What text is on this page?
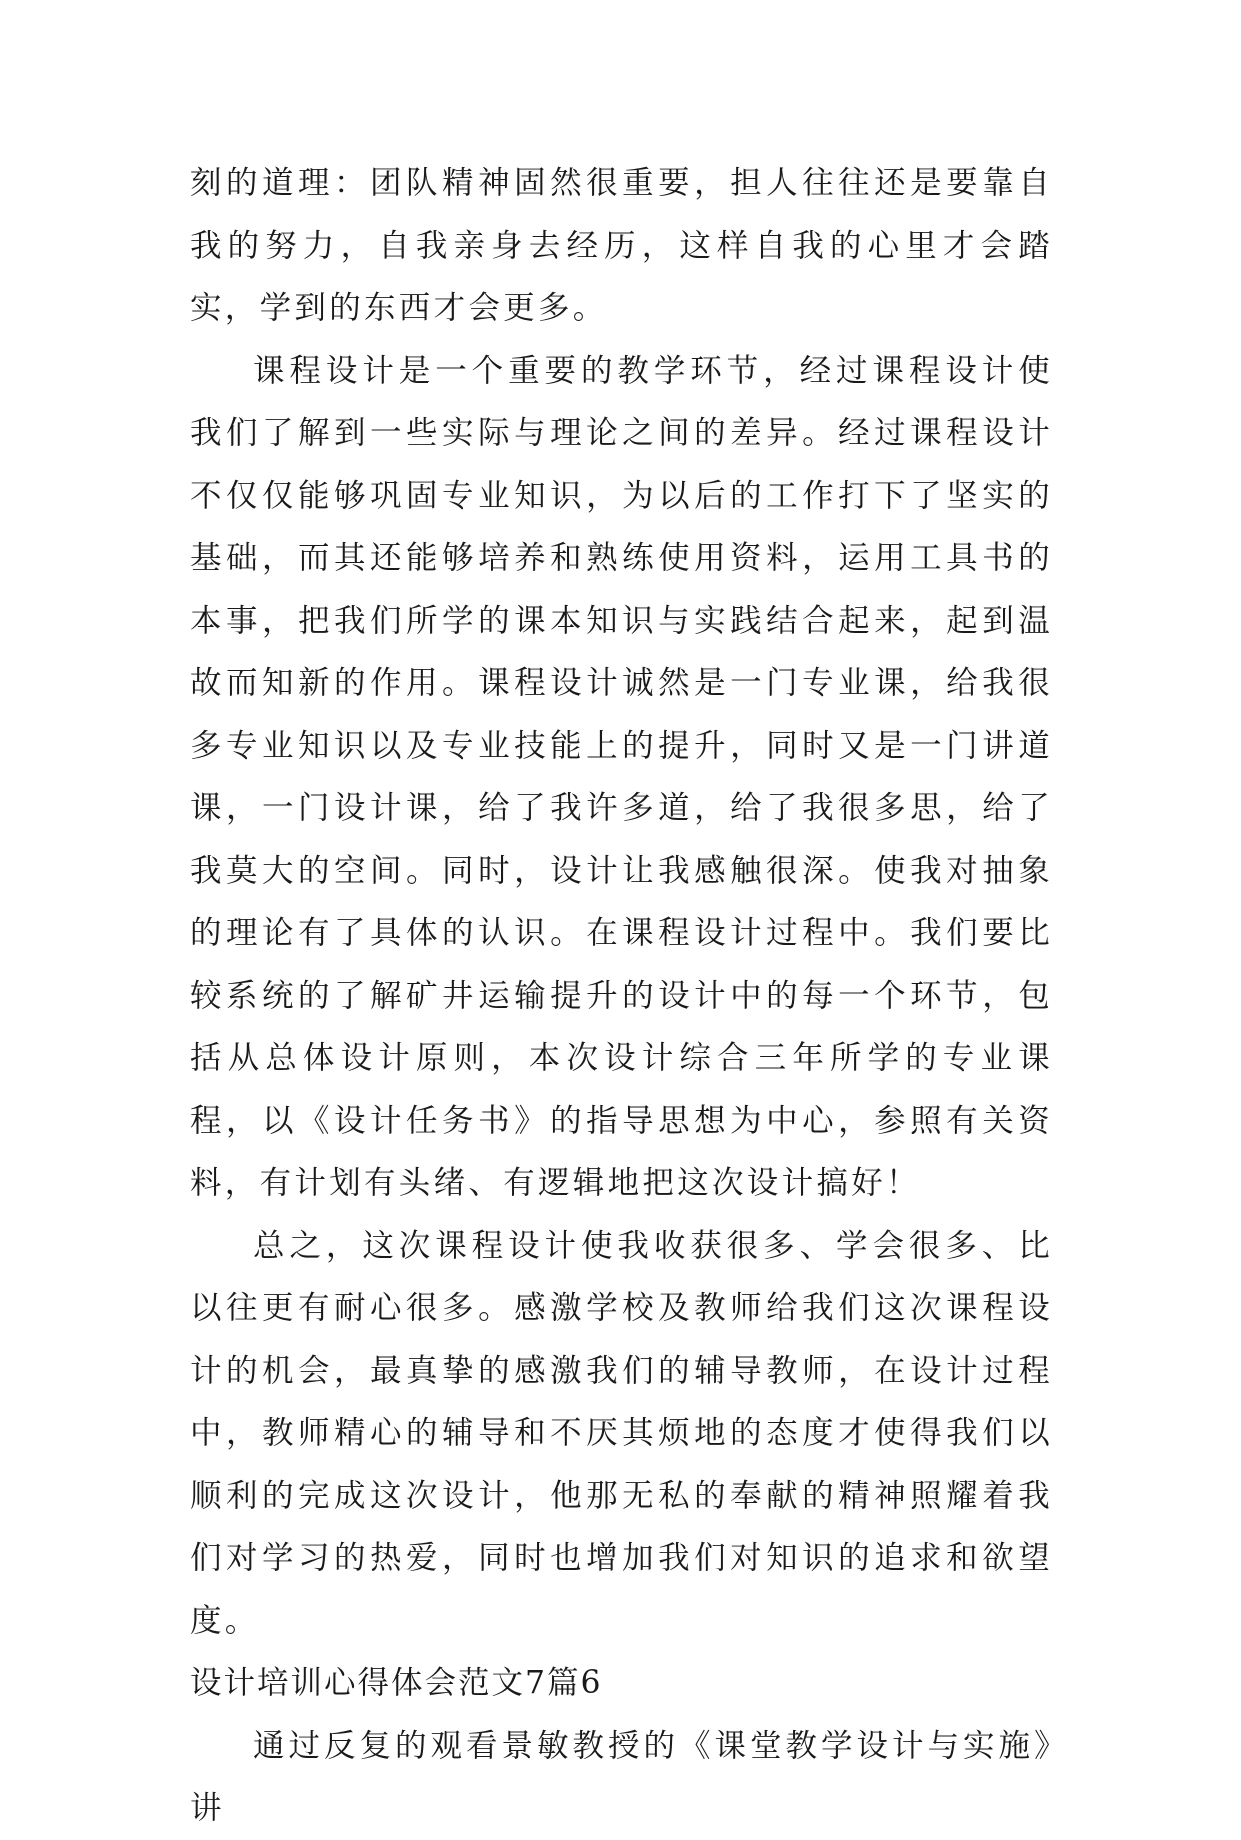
刻的道理：团队精神固然很重要，担人往往还是要靠自我的努力，自我亲身去经历，这样自我的心里才会踏实，学到的东西才会更多。

课程设计是一个重要的教学环节，经过课程设计使我们了解到一些实际与理论之间的差异。经过课程设计不仅仅能够巩固专业知识，为以后的工作打下了坚实的基础，而其还能够培养和熟练使用资料，运用工具书的本事，把我们所学的课本知识与实践结合起来，起到温故而知新的作用。课程设计诚然是一门专业课，给我很多专业知识以及专业技能上的提升，同时又是一门讲道课，一门设计课，给了我许多道，给了我很多思，给了我莫大的空间。同时，设计让我感触很深。使我对抽象的理论有了具体的认识。在课程设计过程中。我们要比较系统的了解矿井运输提升的设计中的每一个环节，包括从总体设计原则，本次设计综合三年所学的专业课程，以《设计任务书》的指导思想为中心，参照有关资料，有计划有头绪、有逻辑地把这次设计搞好！

总之，这次课程设计使我收获很多、学会很多、比以往更有耐心很多。感激学校及教师给我们这次课程设计的机会，最真挚的感激我们的辅导教师，在设计过程中，教师精心的辅导和不厌其烦地的态度才使得我们以顺利的完成这次设计，他那无私的奉献的精神照耀着我们对学习的热爱，同时也增加我们对知识的追求和欲望度。

设计培训心得体会范文7篇6

通过反复的观看景敏教授的《课堂教学设计与实施》讲
